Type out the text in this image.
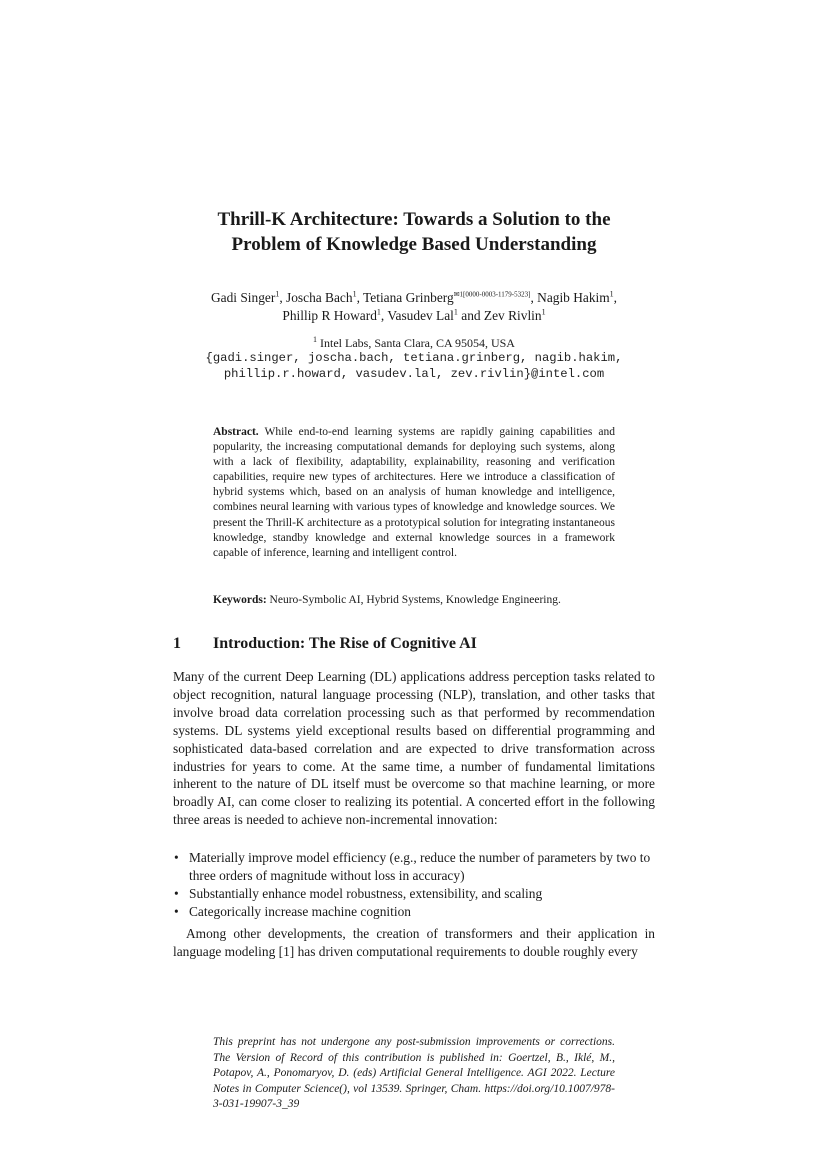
Thrill-K Architecture: Towards a Solution to the
Problem of Knowledge Based Understanding
Gadi Singer$^1$, Joscha Bach$^1$, Tetiana Grinberg$^{✉1[0000-0003-1179-5323]}$, Nagib Hakim$^1$,
Phillip R Howard$^1$, Vasudev Lal$^1$ and Zev Rivlin$^1$
$^1$ Intel Labs, Santa Clara, CA 95054, USA
{gadi.singer, joscha.bach, tetiana.grinberg, nagib.hakim,
phillip.r.howard, vasudev.lal, zev.rivlin}@intel.com
Abstract. While end-to-end learning systems are rapidly gaining capabilities and popularity, the increasing computational demands for deploying such systems, along with a lack of flexibility, adaptability, explainability, reasoning and verification capabilities, require new types of architectures. Here we introduce a classification of hybrid systems which, based on an analysis of human knowledge and intelligence, combines neural learning with various types of knowledge and knowledge sources. We present the Thrill-K architecture as a prototypical solution for integrating instantaneous knowledge, standby knowledge and external knowledge sources in a framework capable of inference, learning and intelligent control.
Keywords: Neuro-Symbolic AI, Hybrid Systems, Knowledge Engineering.
1 Introduction: The Rise of Cognitive AI
Many of the current Deep Learning (DL) applications address perception tasks related to object recognition, natural language processing (NLP), translation, and other tasks that involve broad data correlation processing such as that performed by recommendation systems. DL systems yield exceptional results based on differential programming and sophisticated data-based correlation and are expected to drive transformation across industries for years to come. At the same time, a number of fundamental limitations inherent to the nature of DL itself must be overcome so that machine learning, or more broadly AI, can come closer to realizing its potential. A concerted effort in the following three areas is needed to achieve non-incremental innovation:
• Materially improve model efficiency (e.g., reduce the number of parameters by two to three orders of magnitude without loss in accuracy)
• Substantially enhance model robustness, extensibility, and scaling
• Categorically increase machine cognition
Among other developments, the creation of transformers and their application in language modeling [1] has driven computational requirements to double roughly every
This preprint has not undergone any post-submission improvements or corrections. The Version of Record of this contribution is published in: Goertzel, B., Iklé, M., Potapov, A., Ponomaryov, D. (eds) Artificial General Intelligence. AGI 2022. Lecture Notes in Computer Science(), vol 13539. Springer, Cham. https://doi.org/10.1007/978-3-031-19907-3_39
